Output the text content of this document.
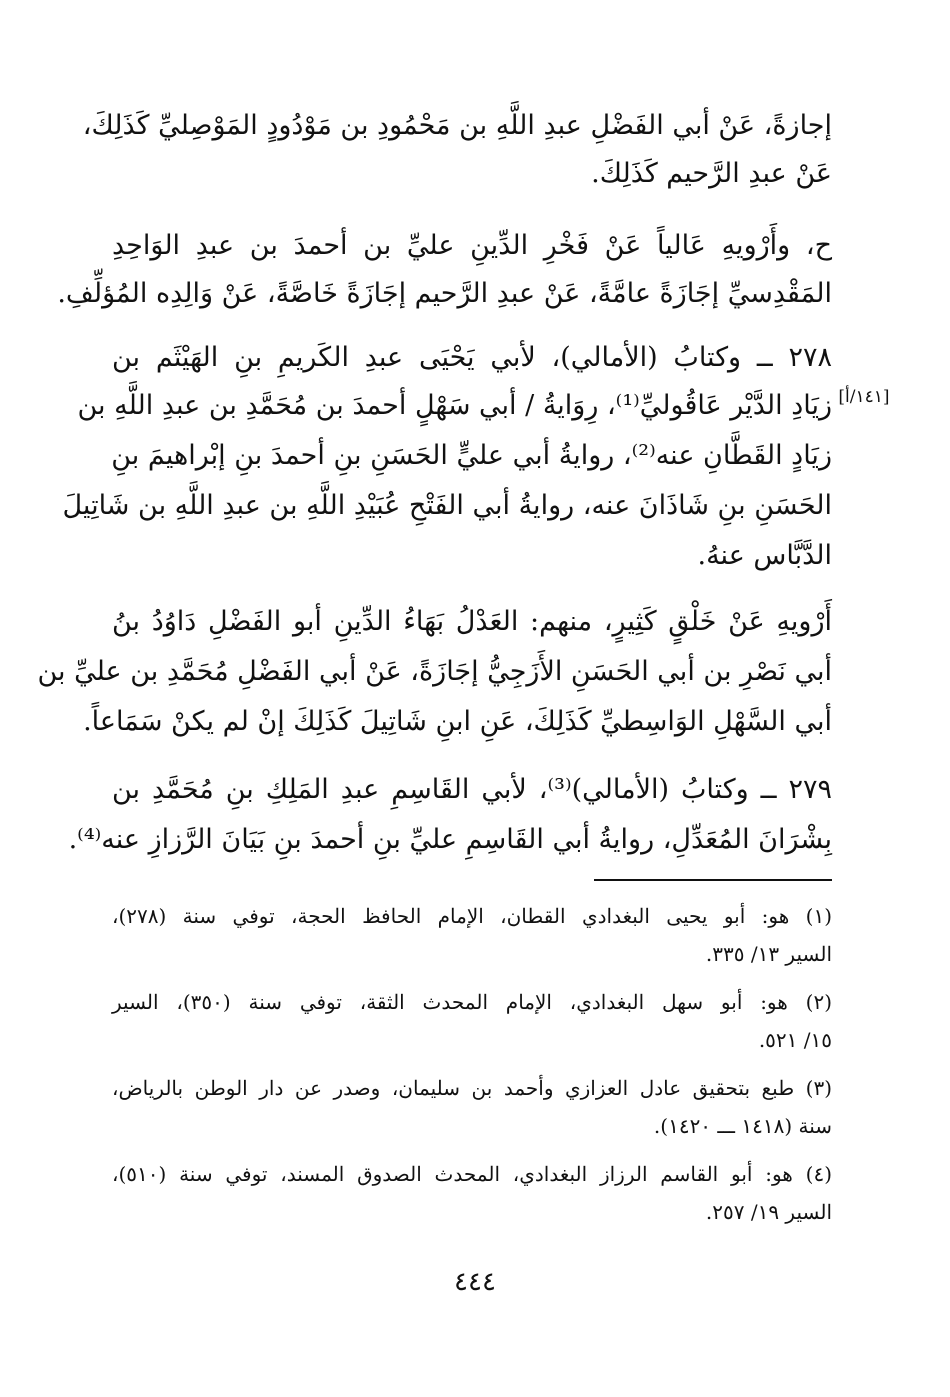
إجازةً، عَنْ أبي الفَضْلِ عبدِ اللَّهِ بن مَحْمُودِ بن مَوْدُودٍ المَوْصِليِّ كَذَلِكَ،
عَنْ عبدِ الرَّحيم كَذَلِكَ.
ح، وأَرْويهِ عَالياً عَنْ فَخْرِ الدِّينِ عليِّ بن أحمدَ بن عبدِ الوَاحِدِ
المَقْدِسيِّ إجَازَةً عامَّةً، عَنْ عبدِ الرَّحيم إجَازَةً خَاصَّةً، عَنْ وَالِدِه المُؤلِّفِ.
٢٧٨ ــ وكتابُ (الأمالي)، لأبي يَحْيَى عبدِ الكَريمِ بنِ الهَيْثَم بن
زيَادِ الدَّيْر عَاقُوليِّ⁽¹⁾، رِوَايةُ / أبي سَهْلٍ أحمدَ بن مُحَمَّدِ بن عبدِ اللَّهِ بن
زيَادٍ القَطَّانِ عنه⁽²⁾، روايةُ أبي عليٍّ الحَسَنِ بنِ أحمدَ بنِ إبْراهيمَ بنِ
الحَسَنِ بنِ شَاذَانَ عنه، روايةُ أبي الفَتْحِ عُبَيْدِ اللَّهِ بن عبدِ اللَّهِ بن شَاتِيلَ
الدَّبَّاس عنهُ.
أَرْويهِ عَنْ خَلْقٍ كَثِيرٍ، منهم: العَدْلُ بَهَاءُ الدِّينِ أبو الفَضْلِ دَاوُدُ بنُ
أبي نَصْرِ بن أبي الحَسَنِ الأَزَجِيُّ إجَازَةً، عَنْ أبي الفَضْلِ مُحَمَّدِ بن عليِّ بن
أبي السَّهْلِ الوَاسِطيِّ كَذَلِكَ، عَنِ ابنِ شَاتِيلَ كَذَلِكَ إنْ لم يكنْ سَمَاعاً.
٢٧٩ ــ وكتابُ (الأمالي)⁽³⁾، لأبي القَاسِمِ عبدِ المَلِكِ بنِ مُحَمَّدِ بن
بِشْرَانَ المُعَدِّلِ، روايةُ أبي القَاسِمِ عليِّ بنِ أحمدَ بنِ بَيَانَ الرَّزازِ عنه⁽⁴⁾.
[١٤١/أ]
(١) هو: أبو يحيى البغدادي القطان، الإمام الحافظ الحجة، توفي سنة (٢٧٨)،
السير ١٣/ ٣٣٥.
(٢) هو: أبو سهل البغدادي، الإمام المحدث الثقة، توفي سنة (٣٥٠)، السير
١٥/ ٥٢١.
(٣) طبع بتحقيق عادل العزازي وأحمد بن سليمان، وصدر عن دار الوطن بالرياض،
سنة (١٤١٨ ـــ ١٤٢٠).
(٤) هو: أبو القاسم الرزاز البغدادي، المحدث الصدوق المسند، توفي سنة (٥١٠)،
السير ١٩/ ٢٥٧.
٤٤٤
